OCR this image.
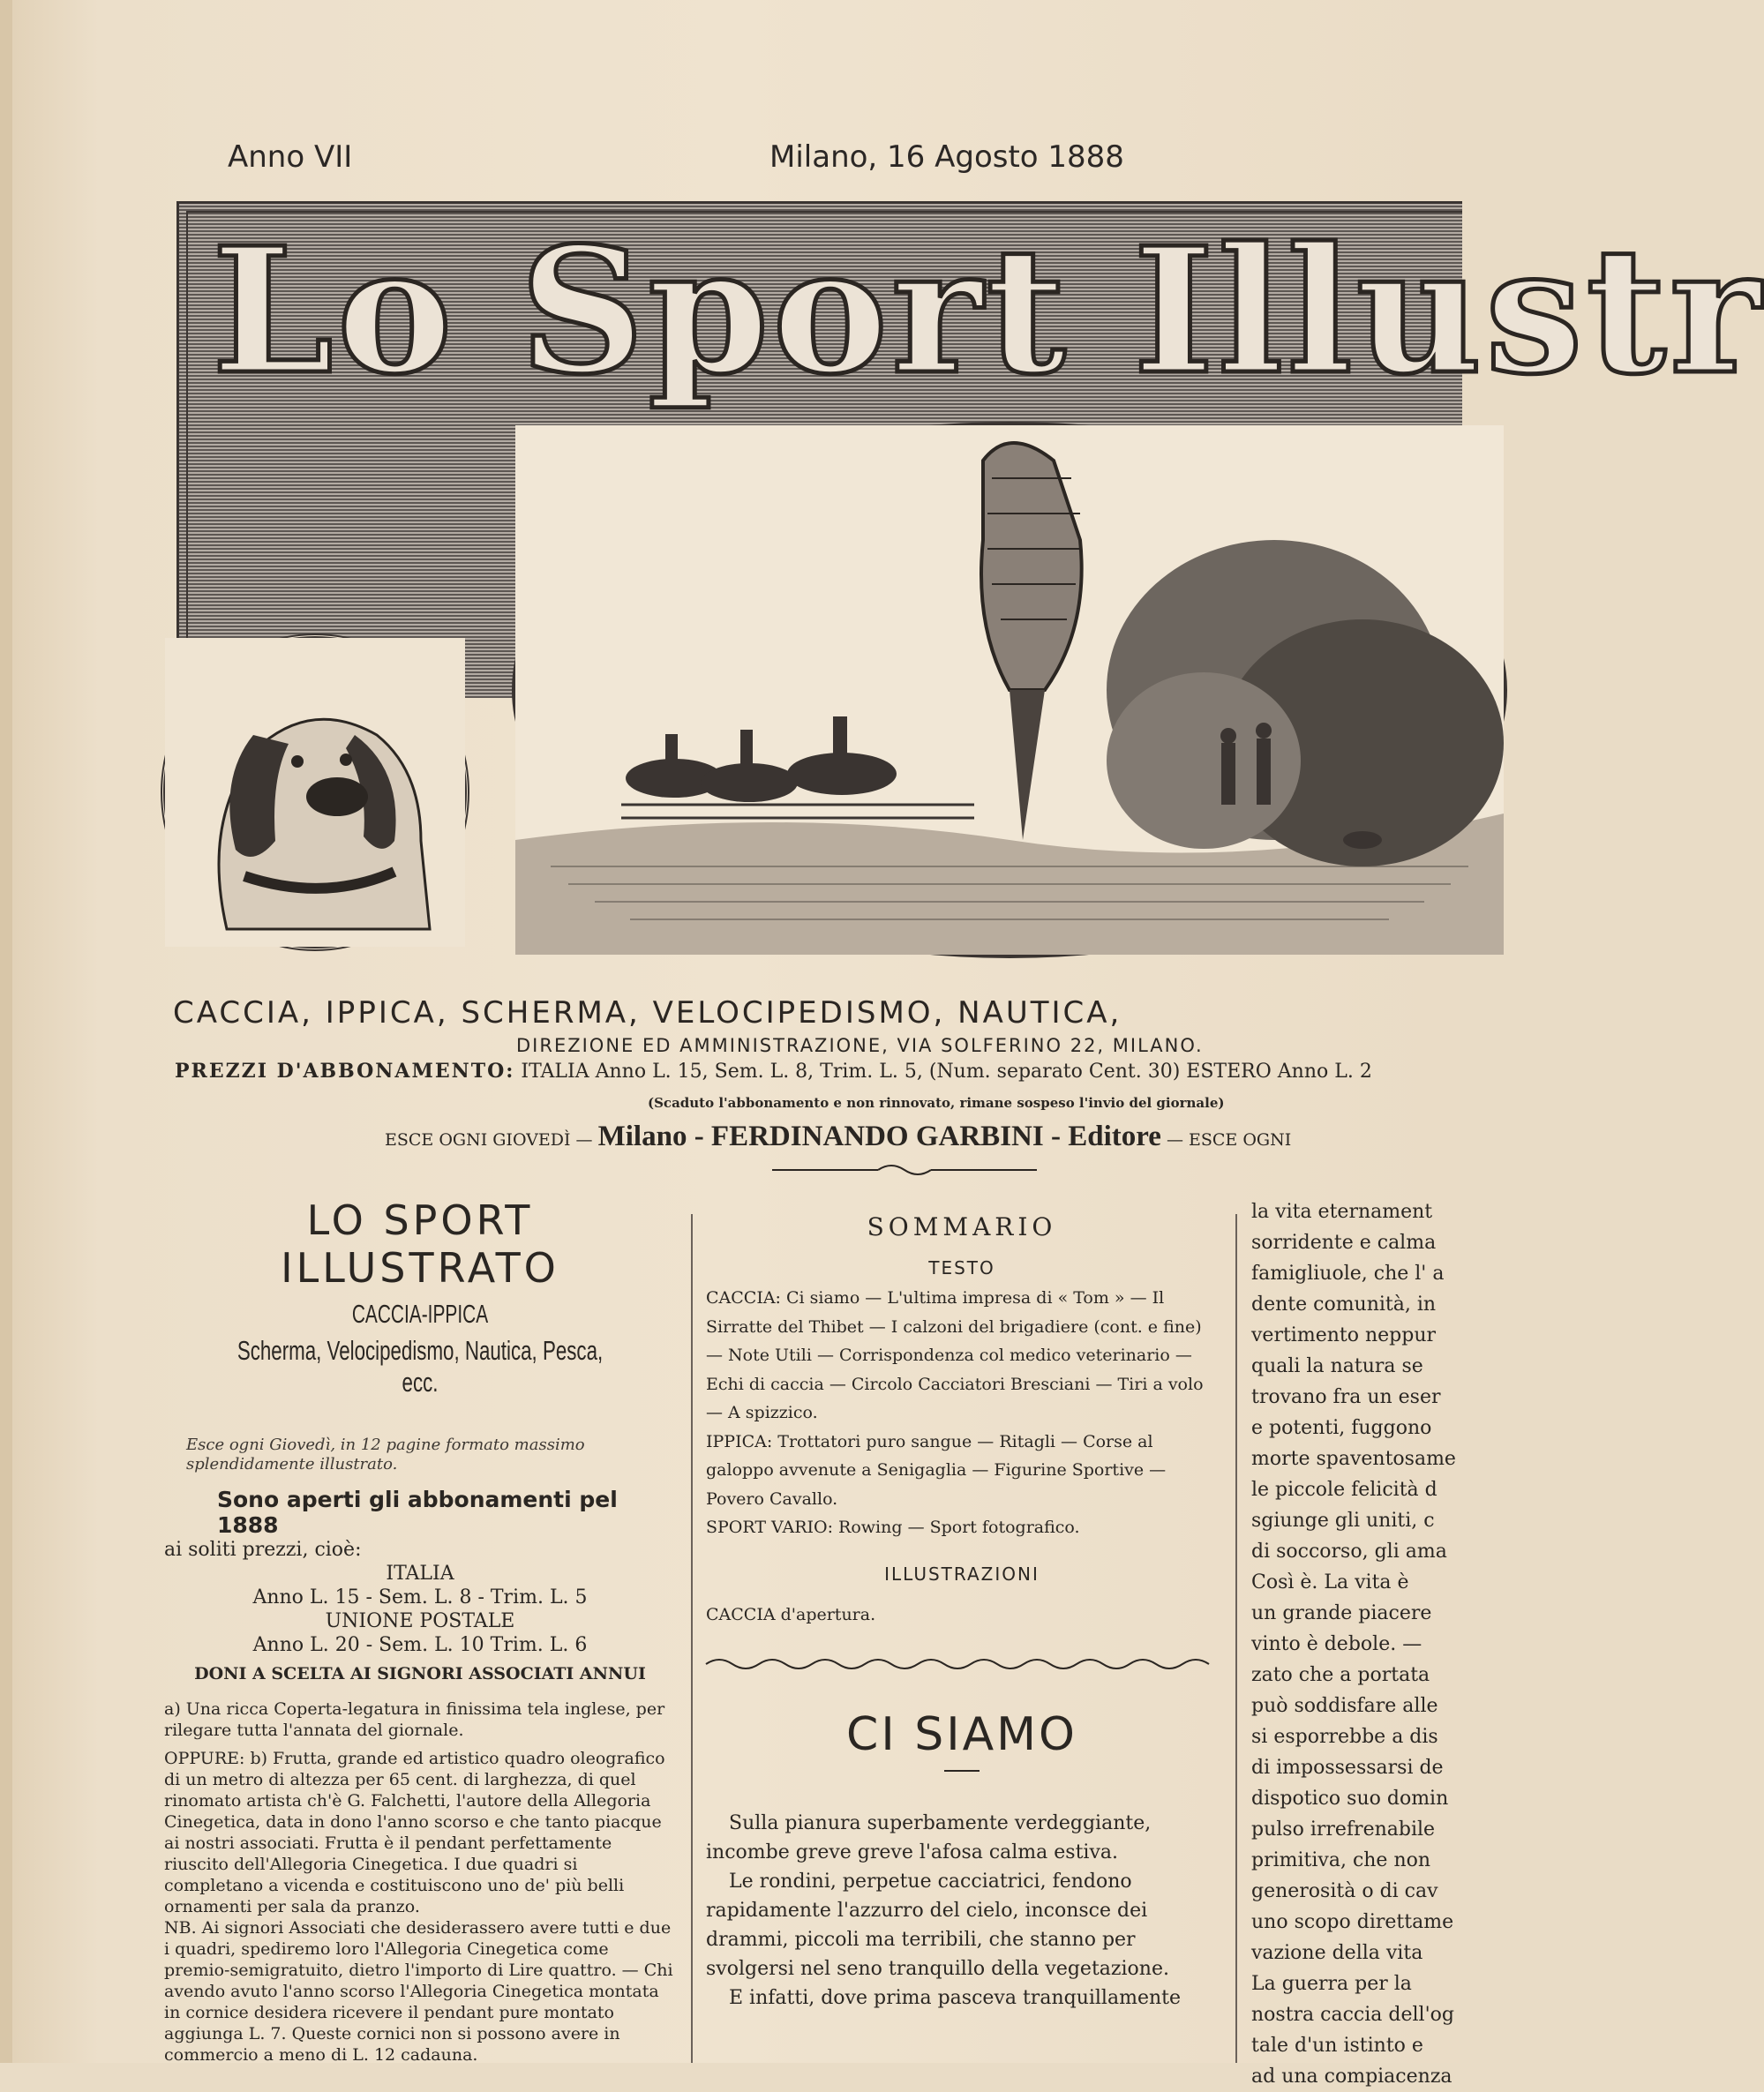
Anno VII	Milano, 16 Agosto 1888
Lo Sport Illustr
CACCIA, IPPICA, SCHERMA, VELOCIPEDISMO, NAUTICA,
DIREZIONE ED AMMINISTRAZIONE, VIA SOLFERINO 22, MILANO.
PREZZI D'ABBONAMENTO: ITALIA Anno L. 15, Sem. L. 8, Trim. L. 5, (Num. separato Cent. 30) ESTERO Anno L. 2
(Scaduto l'abbonamento e non rinnovato, rimane sospeso l'invio del giornale)
ESCE OGNI GIOVEDÌ — Milano - FERDINANDO GARBINI - Editore — ESCE OGNI
LO SPORT ILLUSTRATO
CACCIA-IPPICA
Scherma, Velocipedismo, Nautica, Pesca, ecc.
Esce ogni Giovedì, in 12 pagine formato massimo splendidamente illustrato.
Sono aperti gli abbonamenti pel 1888
ai soliti prezzi, cioè:
ITALIA
Anno L. 15 - Sem. L. 8 - Trim. L. 5
UNIONE POSTALE
Anno L. 20 - Sem. L. 10 Trim. L. 6
DONI A SCELTA AI SIGNORI ASSOCIATI ANNUI
a) Una ricca Coperta-legatura in finissima tela inglese, per rilegare tutta l'annata del giornale.
OPPURE: b) Frutta, grande ed artistico quadro oleografico di un metro di altezza per 65 cent. di larghezza, di quel rinomato artista ch'è G. Falchetti, l'autore della Allegoria Cinegetica, data in dono l'anno scorso e che tanto piacque ai nostri associati. Frutta è il pendant perfettamente riuscito dell'Allegoria Cinegetica. I due quadri si completano a vicenda e costituiscono uno de' più belli ornamenti per sala da pranzo.
NB. Ai signori Associati che desiderassero avere tutti e due i quadri, spediremo loro l'Allegoria Cinegetica come premio-semigratuito, dietro l'importo di Lire quattro. — Chi avendo avuto l'anno scorso l'Allegoria Cinegetica montata in cornice desidera ricevere il pendant pure montato aggiunga L. 7. Queste cornici non si possono avere in commercio a meno di L. 12 cadauna.
SOMMARIO
TESTO
CACCIA: Ci siamo — L'ultima impresa di « Tom » — Il Sirratte del Thibet — I calzoni del brigadiere (cont. e fine) — Note Utili — Corrispondenza col medico veterinario — Echi di caccia — Circolo Cacciatori Bresciani — Tiri a volo — A spizzico.
IPPICA: Trottatori puro sangue — Ritagli — Corse al galoppo avvenute a Senigaglia — Figurine Sportive — Povero Cavallo.
SPORT VARIO: Rowing — Sport fotografico.
ILLUSTRAZIONI
CACCIA d'apertura.
CI SIAMO
Sulla pianura superbamente verdeggiante, incombe greve greve l'afosa calma estiva.
Le rondini, perpetue cacciatrici, fendono rapidamente l'azzurro del cielo, inconsce dei drammi, piccoli ma terribili, che stanno per svolgersi nel seno tranquillo della vegetazione.
E infatti, dove prima pasceva tranquillamente
la vita eternament
sorridente e calma
famigliuole, che l' a
dente comunità, in
vertimento neppur
quali la natura se
trovano fra un eser
e potenti, fuggono
morte spaventosame
le piccole felicità d
sgiunge gli uniti, c
di soccorso, gli ama
Così è. La vita è
un grande piacere
vinto è debole. —
zato che a portata
può soddisfare alle
si esporrebbe a dis
di impossessarsi de
dispotico suo domin
pulso irrefrenabile
primitiva, che non
generosità o di cav
uno scopo direttame
vazione della vita
La guerra per la
nostra caccia dell'og
tale d'un istinto e
ad una compiacenza
